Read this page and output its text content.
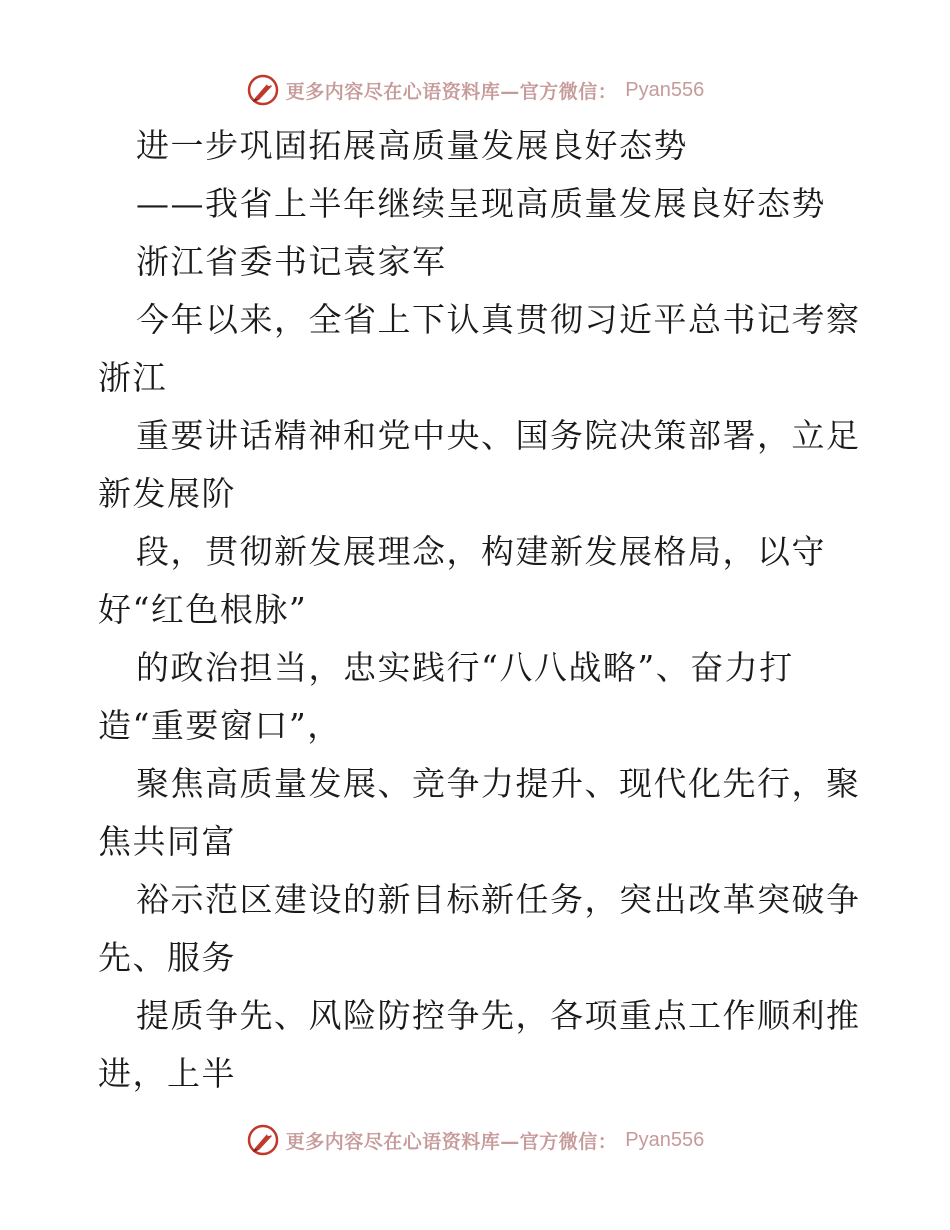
更多内容尽在心语资料库—官方微信： Pyan556
进一步巩固拓展高质量发展良好态势
——我省上半年继续呈现高质量发展良好态势
浙江省委书记袁家军
今年以来，全省上下认真贯彻习近平总书记考察
浙江
重要讲话精神和党中央、国务院决策部署，立足
新发展阶
段，贯彻新发展理念，构建新发展格局，以守
好“红色根脉”
的政治担当，忠实践行“八八战略”、奋力打
造“重要窗口”，
聚焦高质量发展、竞争力提升、现代化先行，聚
焦共同富
裕示范区建设的新目标新任务，突出改革突破争
先、服务
提质争先、风险防控争先，各项重点工作顺利推
进，上半
更多内容尽在心语资料库—官方微信： Pyan556
